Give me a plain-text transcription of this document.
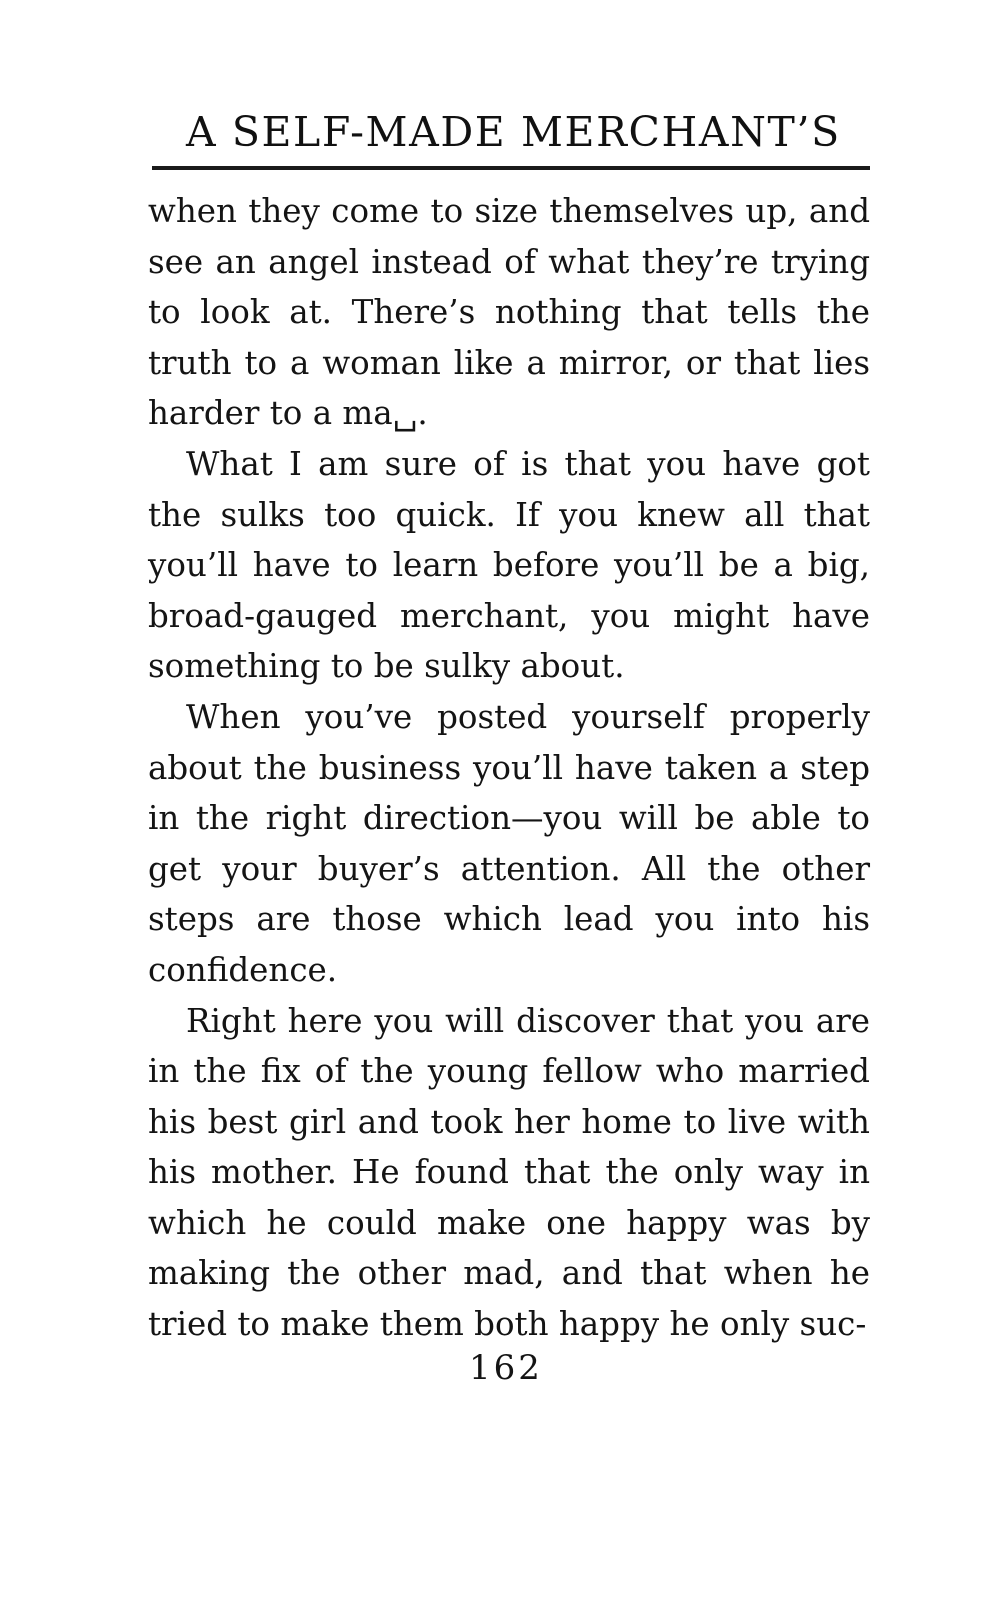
A SELF-MADE MERCHANT’S

when they come to size themselves up, and see an angel instead of what they’re trying to look at. There’s nothing that tells the truth to a woman like a mirror, or that lies harder to a ma␣.

What I am sure of is that you have got the sulks too quick. If you knew all that you’ll have to learn before you’ll be a big, broad-gauged merchant, you might have something to be sulky about.

When you’ve posted yourself properly about the business you’ll have taken a step in the right direction—you will be able to get your buyer’s attention. All the other steps are those which lead you into his confidence.

Right here you will discover that you are in the fix of the young fellow who married his best girl and took her home to live with his mother. He found that the only way in which he could make one happy was by making the other mad, and that when he tried to make them both happy he only suc-

162
